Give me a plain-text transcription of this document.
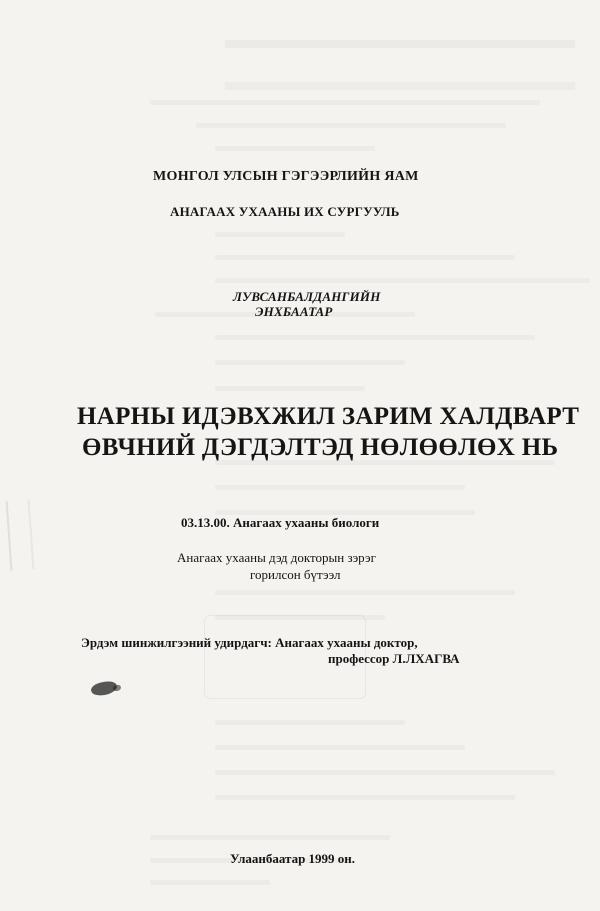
МОНГОЛ УЛСЫН ГЭГЭЭРЛИЙН ЯАМ
АНАГААХ УХААНЫ ИХ СУРГУУЛЬ
ЛУВСАНБАЛДАНГИЙН
ЭНХБААТАР
НАРНЫ ИДЭВХЖИЛ ЗАРИМ ХАЛДВАРТ
ӨВЧНИЙ ДЭГДЭЛТЭД НӨЛӨӨЛӨХ НЬ
03.13.00. Анагаах ухааны биологи
Анагаах ухааны дэд докторын зэрэг
горилсон бүтээл
Эрдэм шинжилгээний удирдагч: Анагаах ухааны доктор,
профессор Л.ЛХАГВА
Улаанбаатар 1999 он.
